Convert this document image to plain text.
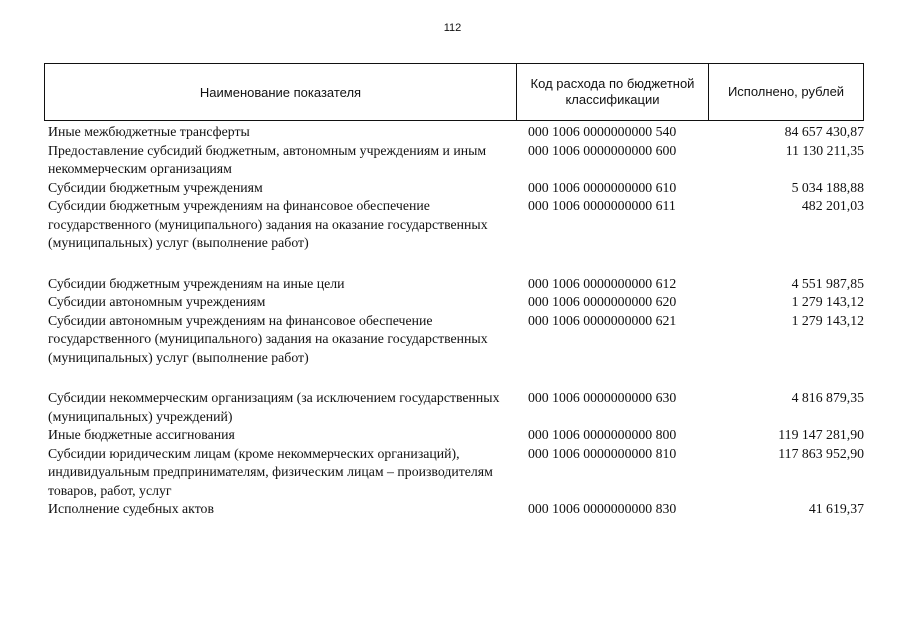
112
Наименование показателя
Код расхода по бюджетной классификации
Исполнено, рублей
Иные межбюджетные трансферты	000 1006 0000000000 540	84 657 430,87
Предоставление субсидий бюджетным, автономным учреждениям и иным некоммерческим организациям
000 1006 0000000000 600	11 130 211,35
Субсидии бюджетным учреждениям	000 1006 0000000000 610	5 034 188,88
Субсидии бюджетным учреждениям на финансовое обеспечение государственного (муниципального) задания на оказание государственных (муниципальных) услуг (выполнение работ)
000 1006 0000000000 611	482 201,03
Субсидии бюджетным учреждениям на иные цели	000 1006 0000000000 612	4 551 987,85
Субсидии автономным учреждениям	000 1006 0000000000 620	1 279 143,12
Субсидии автономным учреждениям на финансовое обеспечение государственного (муниципального) задания на оказание государственных (муниципальных) услуг (выполнение работ)
000 1006 0000000000 621	1 279 143,12
Субсидии некоммерческим организациям (за исключением государственных (муниципальных) учреждений)
000 1006 0000000000 630	4 816 879,35
Иные бюджетные ассигнования	000 1006 0000000000 800	119 147 281,90
Субсидии юридическим лицам (кроме некоммерческих организаций), индивидуальным предпринимателям, физическим лицам – производителям товаров, работ, услуг
000 1006 0000000000 810	117 863 952,90
Исполнение судебных актов	000 1006 0000000000 830	41 619,37
